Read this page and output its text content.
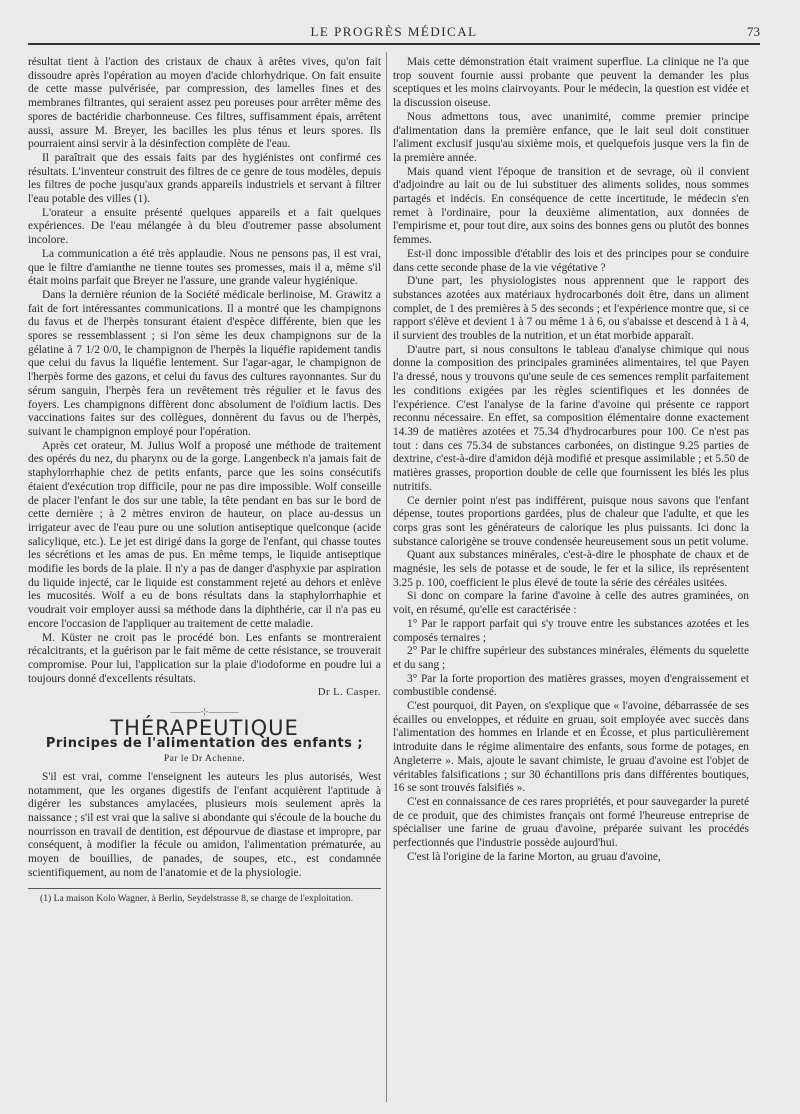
LE PROGRÈS MÉDICAL	73

résultat tient à l'action des cristaux de chaux à arêtes vives, qu'on fait dissoudre après l'opération au moyen d'acide chlorhydrique. On fait ensuite de cette masse pulvérisée, par compression, des lamelles fines et des membranes filtrantes, qui seraient assez peu poreuses pour arrêter même des spores de bactéridie charbonneuse. Ces filtres, suffisamment épais, arrêtent aussi, assure M. Breyer, les bacilles les plus ténus et leurs spores. Ils pourraient ainsi servir à la désinfection complète de l'eau.

Il paraîtrait que des essais faits par des hygiénistes ont confirmé ces résultats. L'inventeur construit des filtres de ce genre de tous modèles, depuis les filtres de poche jusqu'aux grands appareils industriels et servant à filtrer l'eau potable des villes (1).

L'orateur a ensuite présenté quelques appareils et a fait quelques expériences. De l'eau mélangée à du bleu d'outremer passe absolument incolore.

La communication a été très applaudie. Nous ne pensons pas, il est vrai, que le filtre d'amianthe ne tienne toutes ses promesses, mais il a, même s'il était moins parfait que Breyer ne l'assure, une grande valeur hygiénique.

Dans la dernière réunion de la Société médicale berlinoise, M. Grawitz a fait de fort intéressantes communications. Il a montré que les champignons du favus et de l'herpès tonsurant étaient d'espèce différente, bien que les spores se ressemblassent ; si l'on sème les deux champignons sur de la gélatine à 7 1/2 0/0, le champignon de l'herpès la liquéfie rapidement tandis que celui du favus la liquéfie lentement. Sur l'agar-agar, le champignon de l'herpès forme des gazons, et celui du favus des cultures rayonnantes. Sur du sérum sanguin, l'herpès fera un revêtement très régulier et le favus des foyers. Les champignons diffèrent donc absolument de l'oïdium lactis. Des vaccinations faites sur des collègues, donnèrent du favus ou de l'herpès, suivant le champignon employé pour l'opération.

Après cet orateur, M. Julius Wolf a proposé une méthode de traitement des opérés du nez, du pharynx ou de la gorge. Langenbeck n'a jamais fait de staphylorrhaphie chez de petits enfants, parce que les soins consécutifs étaient d'exécution trop difficile, pour ne pas dire impossible. Wolf conseille de placer l'enfant le dos sur une table, la tête pendant en bas sur le bord de cette dernière ; à 2 mètres environ de hauteur, on place au-dessus un irrigateur avec de l'eau pure ou une solution antiseptique quelconque (acide salicylique, etc.). Le jet est dirigé dans la gorge de l'enfant, qui chasse toutes les sécrétions et les amas de pus. En même temps, le liquide antiseptique modifie les bords de la plaie. Il n'y a pas de danger d'asphyxie par aspiration du liquide injecté, car le liquide est constamment rejeté au dehors et enlève les mucosités. Wolf a eu de bons résultats dans la staphylorrhaphie et voudrait voir employer aussi sa méthode dans la diphthérie, car il n'a pas eu encore l'occasion de l'appliquer au traitement de cette maladie.

M. Küster ne croit pas le procédé bon. Les enfants se montreraient récalcitrants, et la guérison par le fait même de cette résistance, se trouverait compromise. Pour lui, l'application sur la plaie d'iodoforme en poudre lui a toujours donné d'excellents résultats.

Dr L. Casper.

———⊹———
THÉRAPEUTIQUE
Principes de l'alimentation des enfants ;

Par le Dr Achenne.

S'il est vrai, comme l'enseignent les auteurs les plus autorisés, West notamment, que les organes digestifs de l'enfant acquièrent l'aptitude à digérer les substances amylacées, plusieurs mois seulement après la naissance ; s'il est vrai que la salive si abondante qui s'écoule de la bouche du nourrisson en travail de dentition, est dépourvue de diastase et impropre, par conséquent, à modifier la fécule ou amidon, l'alimentation prématurée, au moyen de bouillies, de panades, de soupes, etc., est condamnée scientifiquement, au nom de l'anatomie et de la physiologie.

(1) La maison Kolo Wagner, à Berlin, Seydelstrasse 8, se charge de l'exploitation.

Mais cette démonstration était vraiment superflue. La clinique ne l'a que trop souvent fournie aussi probante que peuvent la demander les plus sceptiques et les moins clairvoyants. Pour le médecin, la question est vidée et la discussion oiseuse.

Nous admettons tous, avec unanimité, comme premier principe d'alimentation dans la première enfance, que le lait seul doit constituer l'aliment exclusif jusqu'au sixième mois, et quelquefois jusque vers la fin de la première année.

Mais quand vient l'époque de transition et de sevrage, où il convient d'adjoindre au lait ou de lui substituer des aliments solides, nous sommes partagés et indécis. En conséquence de cette incertitude, le médecin s'en remet à l'ordinaire, pour la deuxième alimentation, aux données de l'empirisme et, pour tout dire, aux soins des bonnes gens ou plutôt des bonnes femmes.

Est-il donc impossible d'établir des lois et des principes pour se conduire dans cette seconde phase de la vie végétative ?

D'une part, les physiologistes nous apprennent que le rapport des substances azotées aux matériaux hydrocarbonés doit être, dans un aliment complet, de 1 des premières à 5 des seconds ; et l'expérience montre que, si ce rapport s'élève et devient 1 à 7 ou même 1 à 6, ou s'abaisse et descend à 1 à 4, il survient des troubles de la nutrition, et un état morbide apparaît.

D'autre part, si nous consultons le tableau d'analyse chimique qui nous donne la composition des principales graminées alimentaires, tel que Payen l'a dressé, nous y trouvons qu'une seule de ces semences remplit parfaitement les conditions exigées par les règles scientifiques et les données de l'expérience. C'est l'analyse de la farine d'avoine qui présente ce rapport reconnu nécessaire. En effet, sa composition élémentaire donne exactement 14.39 de matières azotées et 75.34 d'hydrocarbures pour 100. Ce n'est pas tout : dans ces 75.34 de substances carbonées, on distingue 9.25 parties de dextrine, c'est-à-dire d'amidon déjà modifié et presque assimilable ; et 5.50 de matières grasses, proportion double de celle que fournissent les blés les plus nutritifs.

Ce dernier point n'est pas indifférent, puisque nous savons que l'enfant dépense, toutes proportions gardées, plus de chaleur que l'adulte, et que les corps gras sont les générateurs de calorique les plus puissants. Ici donc la substance calorigène se trouve condensée heureusement sous un petit volume.

Quant aux substances minérales, c'est-à-dire le phosphate de chaux et de magnésie, les sels de potasse et de soude, le fer et la silice, ils représentent 3.25 p. 100, coefficient le plus élevé de toute la série des céréales usitées.

Si donc on compare la farine d'avoine à celle des autres graminées, on voit, en résumé, qu'elle est caractérisée :

1° Par le rapport parfait qui s'y trouve entre les substances azotées et les composés ternaires ;

2° Par le chiffre supérieur des substances minérales, éléments du squelette et du sang ;

3° Par la forte proportion des matières grasses, moyen d'engraissement et combustible condensé.

C'est pourquoi, dit Payen, on s'explique que « l'avoine, débarrassée de ses écailles ou enveloppes, et réduite en gruau, soit employée avec succès dans l'alimentation des hommes en Irlande et en Écosse, et plus particulièrement introduite dans le régime alimentaire des enfants, sous forme de potages, en Angleterre ». Mais, ajoute le savant chimiste, le gruau d'avoine est l'objet de véritables falsifications ; sur 30 échantillons pris dans différentes boutiques, 16 se sont trouvés falsifiés ».

C'est en connaissance de ces rares propriétés, et pour sauvegarder la pureté de ce produit, que des chimistes français ont formé l'heureuse entreprise de spécialiser une farine de gruau d'avoine, préparée suivant les procédés perfectionnés que l'industrie possède aujourd'hui.

C'est là l'origine de la farine Morton, au gruau d'avoine,
